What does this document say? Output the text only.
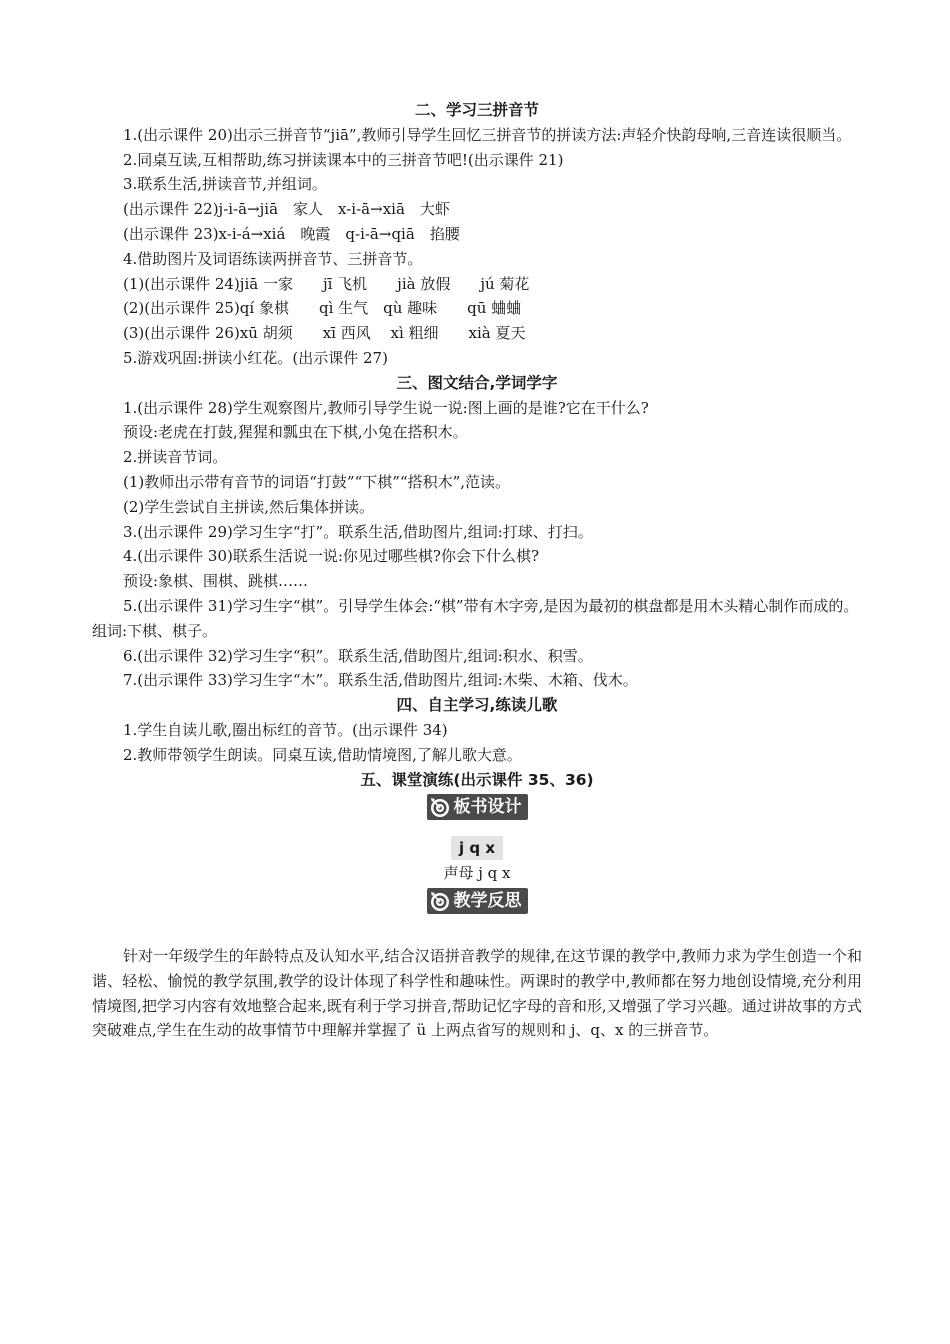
二、学习三拼音节
1.(出示课件 20)出示三拼音节“jiā”,教师引导学生回忆三拼音节的拼读方法:声轻介快韵母响,三音连读很顺当。
2.同桌互读,互相帮助,练习拼读课本中的三拼音节吧!(出示课件 21)
3.联系生活,拼读音节,并组词。
(出示课件 22)j-i-ā→jiā　家人　x-i-ā→xiā　大虾
(出示课件 23)x-i-á→xiá　晚霞　q-i-ā→qiā　掐腰
4.借助图片及词语练读两拼音节、三拼音节。
(1)(出示课件 24)jiā 一家　　jī 飞机　　jià 放假　　jú 菊花
(2)(出示课件 25)qí 象棋　　qì 生气　qù 趣味　　qū 蛐蛐
(3)(出示课件 26)xū 胡须　　xī 西风　 xì 粗细　　xià 夏天
5.游戏巩固:拼读小红花。(出示课件 27)
三、图文结合,学词学字
1.(出示课件 28)学生观察图片,教师引导学生说一说:图上画的是谁?它在干什么?
预设:老虎在打鼓,猩猩和瓢虫在下棋,小兔在搭积木。
2.拼读音节词。
(1)教师出示带有音节的词语“打鼓”“下棋”“搭积木”,范读。
(2)学生尝试自主拼读,然后集体拼读。
3.(出示课件 29)学习生字“打”。联系生活,借助图片,组词:打球、打扫。
4.(出示课件 30)联系生活说一说:你见过哪些棋?你会下什么棋?
预设:象棋、围棋、跳棋……
5.(出示课件 31)学习生字“棋”。引导学生体会:“棋”带有木字旁,是因为最初的棋盘都是用木头精心制作而成的。组词:下棋、棋子。
6.(出示课件 32)学习生字“积”。联系生活,借助图片,组词:积水、积雪。
7.(出示课件 33)学习生字“木”。联系生活,借助图片,组词:木柴、木箱、伐木。
四、自主学习,练读儿歌
1.学生自读儿歌,圈出标红的音节。(出示课件 34)
2.教师带领学生朗读。同桌互读,借助情境图,了解儿歌大意。
五、课堂演练(出示课件 35、36)
板书设计
j q x
声母 j q x
教学反思
针对一年级学生的年龄特点及认知水平,结合汉语拼音教学的规律,在这节课的教学中,教师力求为学生创造一个和谐、轻松、愉悦的教学氛围,教学的设计体现了科学性和趣味性。两课时的教学中,教师都在努力地创设情境,充分利用情境图,把学习内容有效地整合起来,既有利于学习拼音,帮助记忆字母的音和形,又增强了学习兴趣。通过讲故事的方式突破难点,学生在生动的故事情节中理解并掌握了 ü 上两点省写的规则和 j、q、x 的三拼音节。
